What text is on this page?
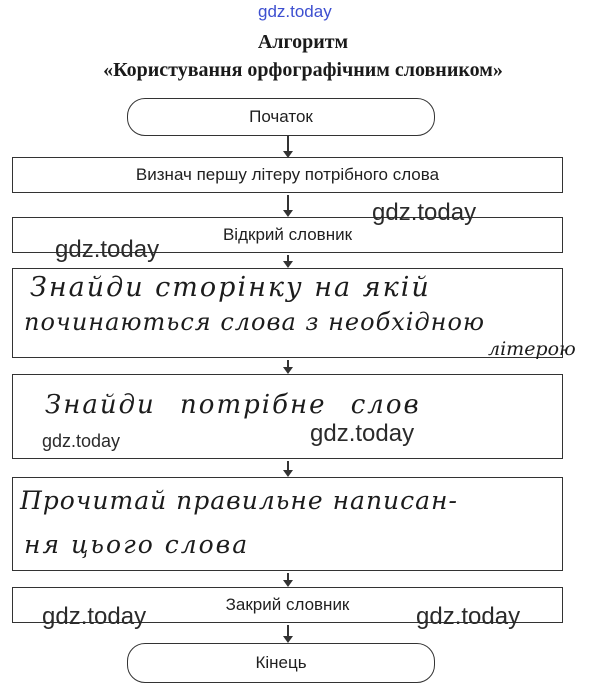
gdz.today
Алгоритм
«Користування орфографічним словником»
Початок
Визнач першу літеру потрібного слова
Відкрий словник
Знайди сторінку на якій
починаються слова з необхідною
літерою
Знайди потрібне слов
Прочитай правильне написан-
ня цього слова
Закрий словник
Кінець
gdz.today
gdz.today
gdz.today	gdz.today
gdz.today	gdz.today
